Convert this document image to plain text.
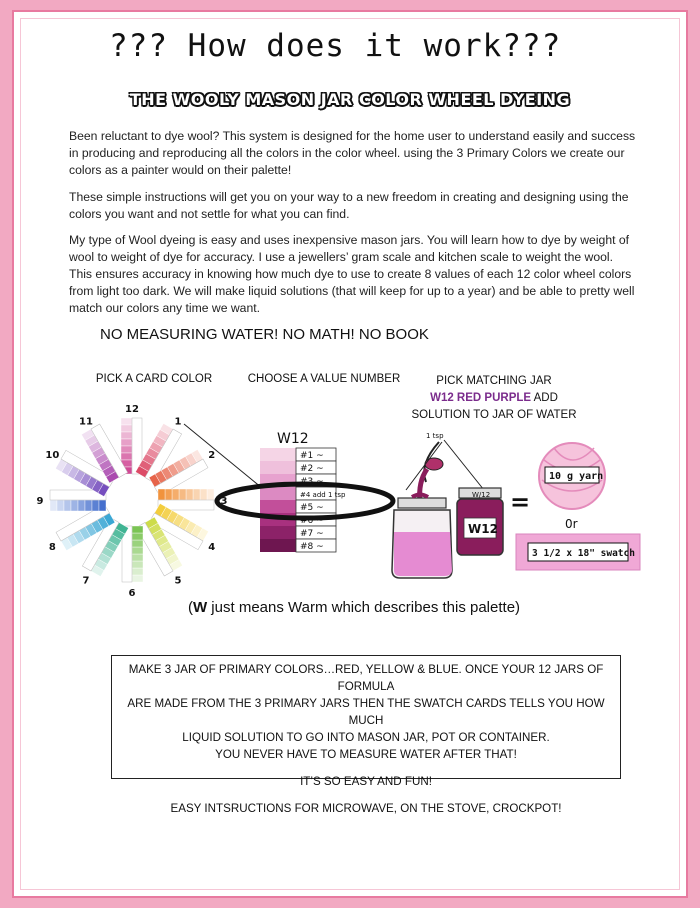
??? How does it work???
THE WOOLY MASON JAR COLOR WHEEL DYEING
Been reluctant to dye wool? This system is designed for the home user to understand easily and success in producing and reproducing all the colors in the color wheel. using the 3 Primary Colors we create our colors as a painter would on their palette!
These simple instructions will get you on your way to a new freedom in creating and designing using the colors you want and not settle for what you can find.
My type of Wool dyeing is easy and uses inexpensive mason jars. You will learn how to dye by weight of wool to weight of dye for accuracy. I use a jewellers’ gram scale and kitchen scale to weight the wool. This ensures accuracy in knowing how much dye to use to create 8 values of each 12 color wheel colors from light too dark. We will make liquid solutions (that will keep for up to a year) and be able to pretty well match our colors any time we want.
NO MEASURING WATER! NO MATH! NO BOOK
PICK A CARD COLOR	CHOOSE A VALUE NUMBER	PICK MATCHING JAR
W12 RED PURPLE ADD
SOLUTION TO JAR OF WATER
12
1
2
3
4
5
6
7
8
9
10
11
W12
#1 ~
#2 ~
#3 ~
#4 add 1 tsp
#5 ~
#6 ~
#7 ~
#8 ~
1 tsp
W/12
W12
=
10 g yarn
0r
3 1/2 x 18" swatch
(W just means Warm which describes this palette)
MAKE 3 JAR OF PRIMARY COLORS…RED, YELLOW & BLUE. ONCE YOUR 12 JARS OF FORMULA
ARE MADE FROM THE 3 PRIMARY JARS THEN THE SWATCH CARDS TELLS YOU HOW MUCH
LIQUID SOLUTION TO GO INTO MASON JAR, POT OR CONTAINER.
YOU NEVER HAVE TO MEASURE WATER AFTER THAT!
IT’S SO EASY AND FUN!
EASY INTSRUCTIONS FOR MICROWAVE, ON THE STOVE, CROCKPOT!
